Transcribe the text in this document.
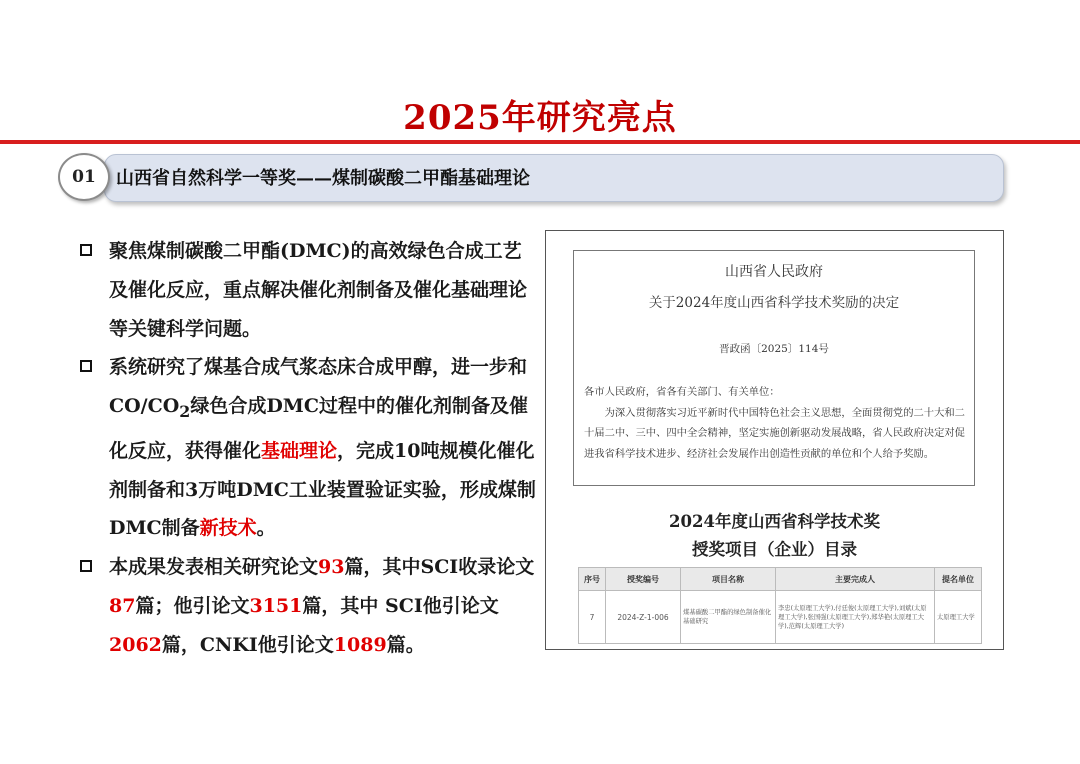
2025年研究亮点
01	山西省自然科学一等奖——煤制碳酸二甲酯基础理论
聚焦煤制碳酸二甲酯(DMC)的高效绿色合成工艺及催化反应，重点解决催化剂制备及催化基础理论等关键科学问题。
系统研究了煤基合成气浆态床合成甲醇，进一步和 $CO/CO_2$绿色合成DMC过程中的催化剂制备及催化反应，获得催化基础理论，完成10吨规模化催化剂制备和3万吨DMC工业装置验证实验，形成煤制DMC制备新技术。
本成果发表相关研究论文93篇，其中SCI收录论文87篇；他引论文3151篇，其中 SCI他引论文2062篇，CNKI他引论文1089篇。
山西省人民政府
关于2024年度山西省科学技术奖励的决定
晋政函〔2025〕114号
各市人民政府，省各有关部门、有关单位：
为深入贯彻落实习近平新时代中国特色社会主义思想，全面贯彻党的二十大和二十届二中、三中、四中全会精神，坚定实施创新驱动发展战略，省人民政府决定对促进我省科学技术进步、经济社会发展作出创造性贡献的单位和个人给予奖励。
2024年度山西省科学技术奖
授奖项目（企业）目录
序号	授奖编号	项目名称	主要完成人	提名单位
7	2024-Z-1-006	煤基碳酸二甲酯的绿色制备催化基础研究	李忠(太原理工大学),付廷俊(太原理工大学),刘斌(太原理工大学),张国强(太原理工大学),郑华艳(太原理工大学),范辉(太原理工大学)	太原理工大学
